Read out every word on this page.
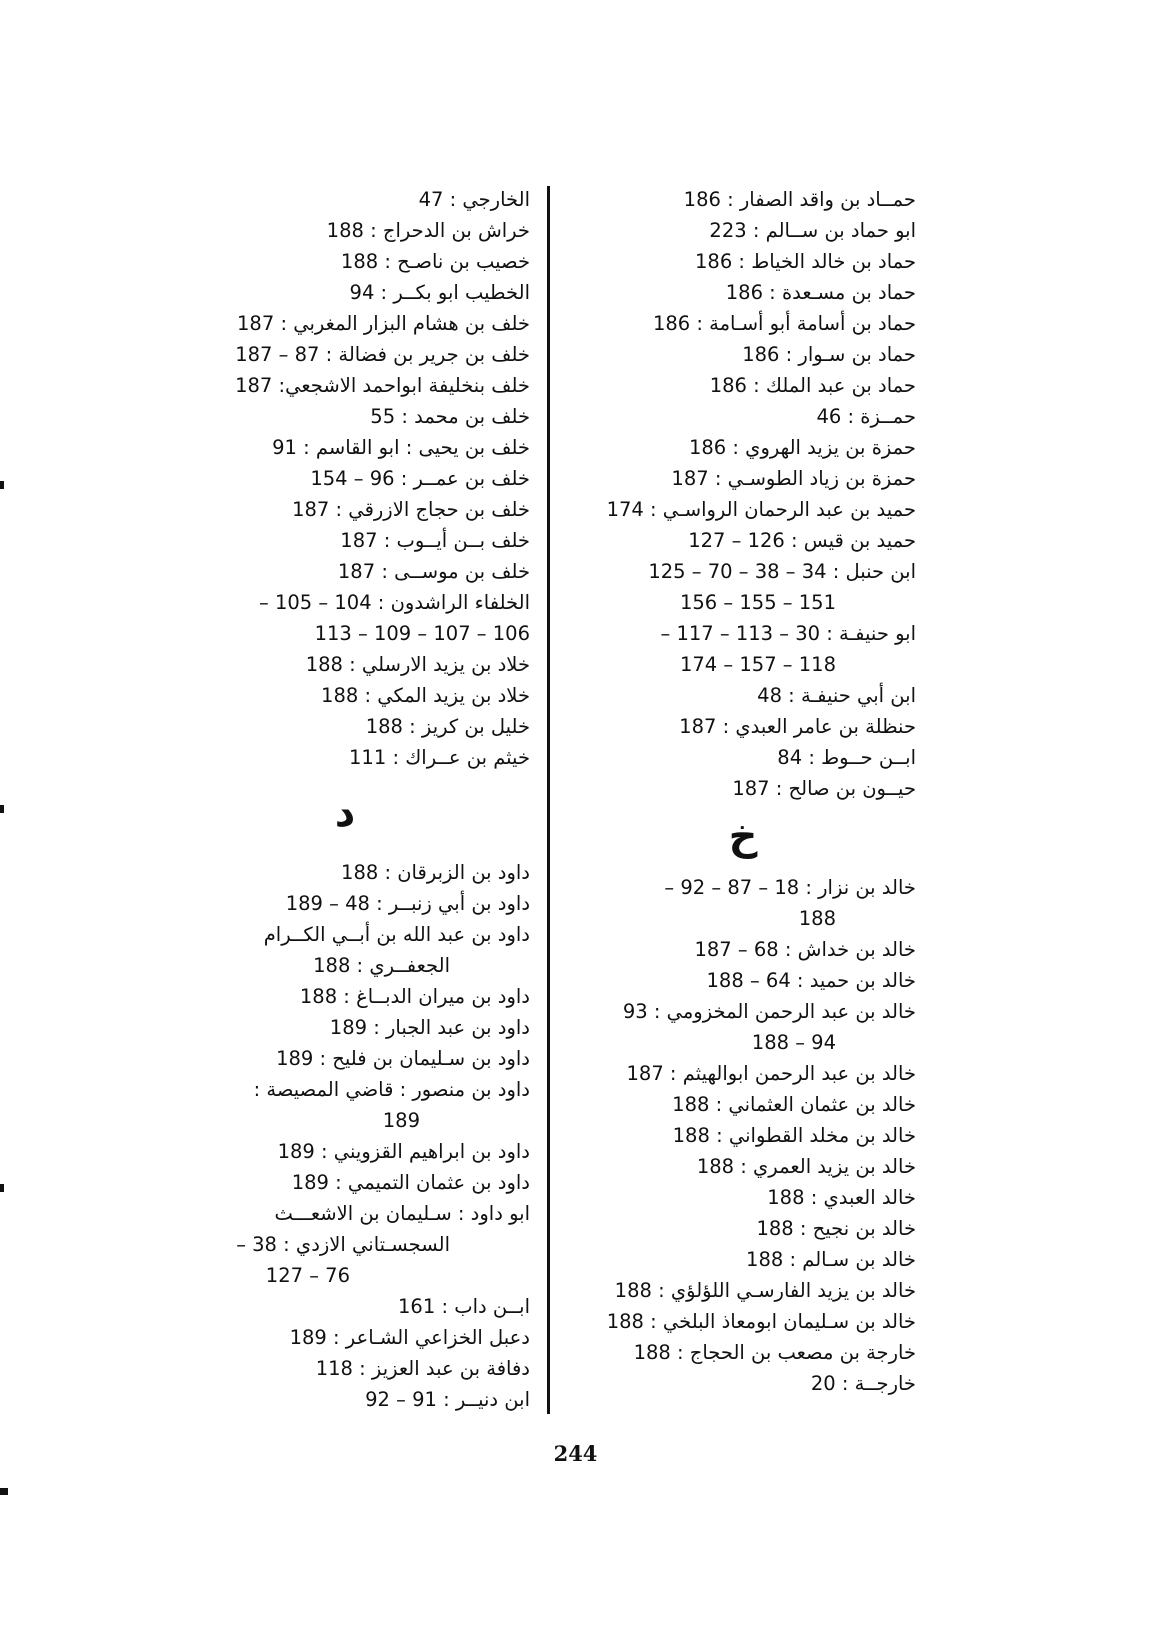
حمــاد بن واقد الصفار : 186
ابو حماد بن ســالم : 223
حماد بن خالد الخياط : 186
حماد بن مسـعدة : 186
حماد بن أسامة أبو أسـامة : 186
حماد بن سـوار : 186
حماد بن عبد الملك : 186
حمــزة : 46
حمزة بن يزيد الهروي : 186
حمزة بن زياد الطوسـي : 187
حميد بن عبد الرحمان الرواسـي : 174
حميد بن قيس : 126 – 127
ابن حنبل : 34 – 38 – 70 – 125
151 – 155 – 156
ابو حنيفـة : 30 – 113 – 117 –
118 – 157 – 174
ابن أبي حنيفـة : 48
حنظلة بن عامر العبدي : 187
ابــن حــوط : 84
حيــون بن صالح : 187
خ
خالد بن نزار : 18 – 87 – 92 –
188
خالد بن خداش : 68 – 187
خالد بن حميد : 64 – 188
خالد بن عبد الرحمن المخزومي : 93
94 – 188
خالد بن عبد الرحمن ابوالهيثم : 187
خالد بن عثمان العثماني : 188
خالد بن مخلد القطواني : 188
خالد بن يزيد العمري : 188
خالد العبدي : 188
خالد بن نجيح : 188
خالد بن سـالم : 188
خالد بن يزيد الفارسـي اللؤلؤي : 188
خالد بن سـليمان ابومعاذ البلخي : 188
خارجة بن مصعب بن الحجاج : 188
خارجــة : 20
الخارجي : 47
خراش بن الدحراج : 188
خصيب بن ناصـح : 188
الخطيب ابو بكــر : 94
خلف بن هشام البزار المغربي : 187
خلف بن جرير بن فضالة : 87 – 187
خلف بنخليفة ابواحمد الاشجعي: 187
خلف بن محمد : 55
خلف بن يحيى : ابو القاسم : 91
خلف بن عمــر : 96 – 154
خلف بن حجاج الازرقي : 187
خلف بــن أيــوب : 187
خلف بن موســى : 187
الخلفاء الراشدون : 104 – 105 –
106 – 107 – 109 – 113
خلاد بن يزيد الارسلي : 188
خلاد بن يزيد المكي : 188
خليل بن كريز : 188
خيثم بن عــراك : 111
د
داود بن الزبرقان : 188
داود بن أبي زنبــر : 48 – 189
داود بن عبد الله بن أبــي الكــرام
الجعفــري : 188
داود بن ميران الدبــاغ : 188
داود بن عبد الجبار : 189
داود بن سـليمان بن فليح : 189
داود بن منصور : قاضي المصيصة :
189
داود بن ابراهيم القزويني : 189
داود بن عثمان التميمي : 189
ابو داود : سـليمان بن الاشعـــث
السجسـتاني الازدي : 38 –
76 – 127
ابــن داب : 161
دعبل الخزاعي الشـاعر : 189
دفافة بن عبد العزيز : 118
ابن دنيــر : 91 – 92
244
